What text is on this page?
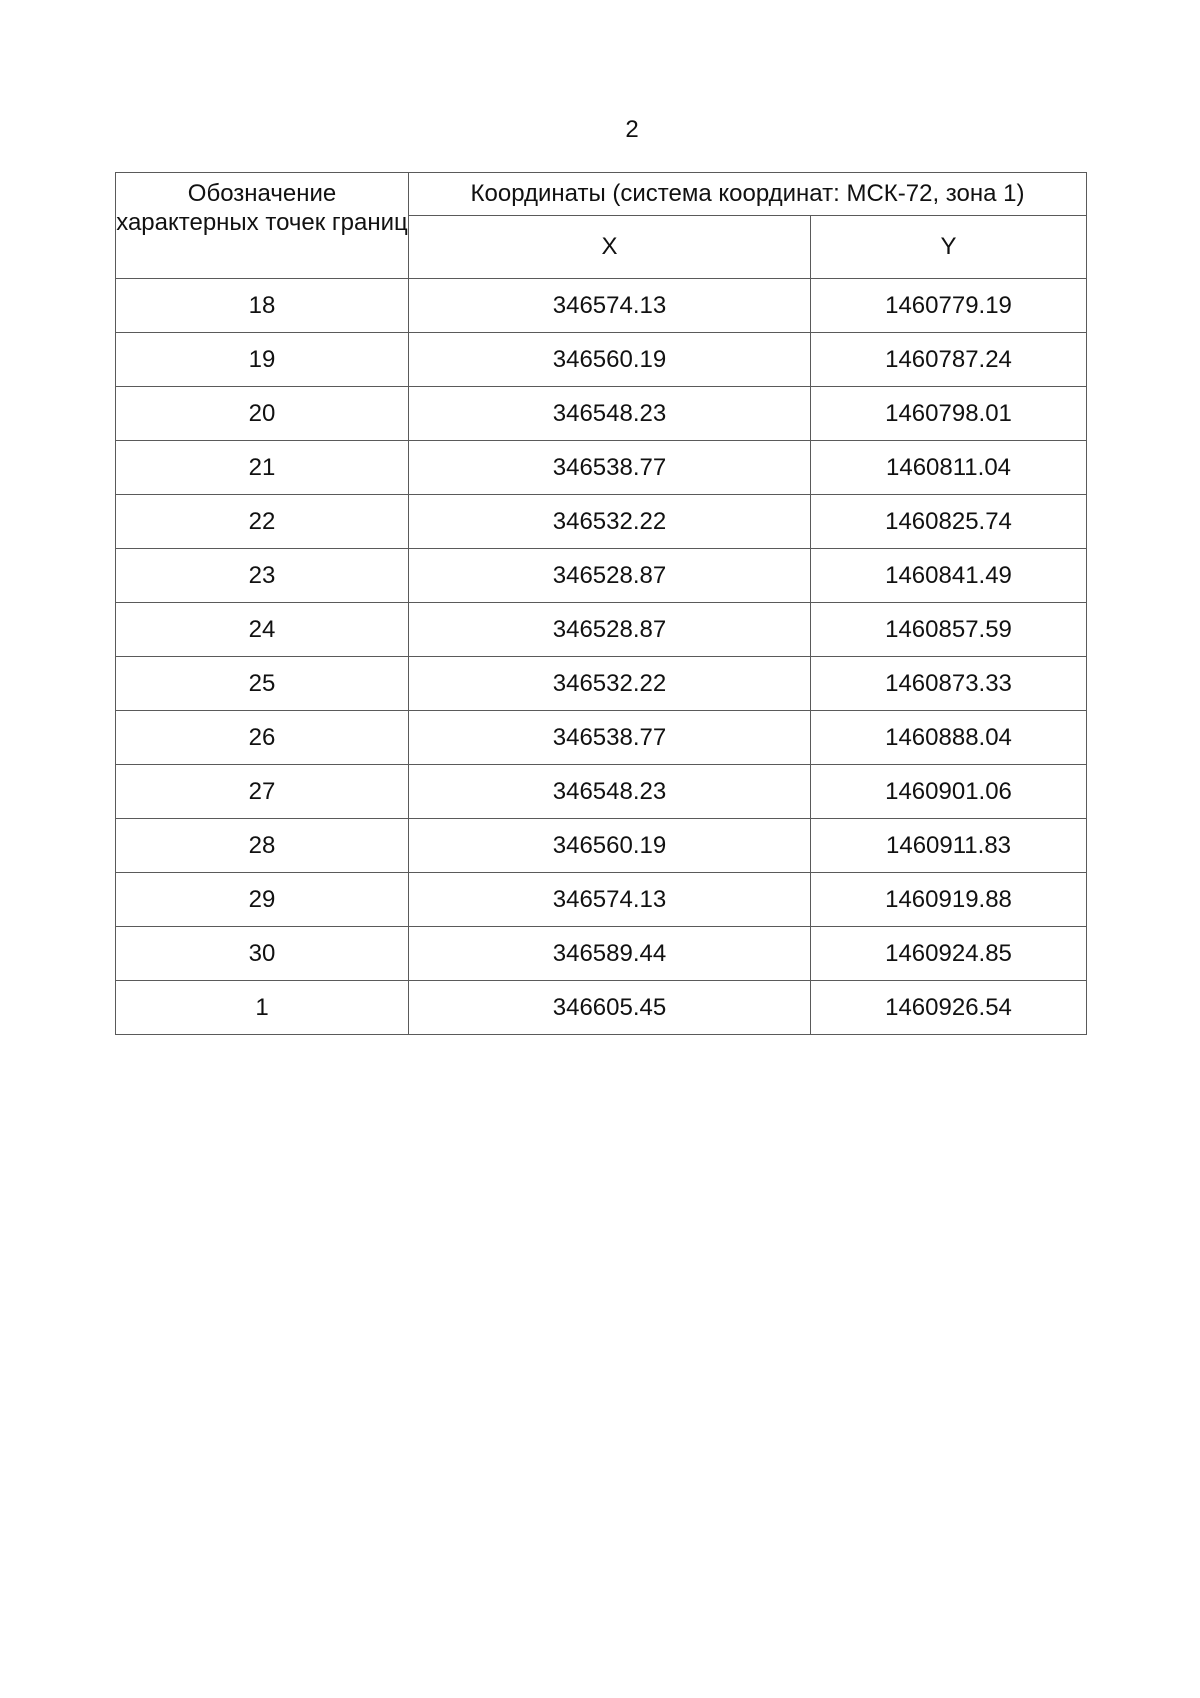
2
Обозначение характерных точек границ	Координаты (система координат: МСК-72, зона 1)	
	X	Y
18	346574.13	1460779.19
19	346560.19	1460787.24
20	346548.23	1460798.01
21	346538.77	1460811.04
22	346532.22	1460825.74
23	346528.87	1460841.49
24	346528.87	1460857.59
25	346532.22	1460873.33
26	346538.77	1460888.04
27	346548.23	1460901.06
28	346560.19	1460911.83
29	346574.13	1460919.88
30	346589.44	1460924.85
1	346605.45	1460926.54
